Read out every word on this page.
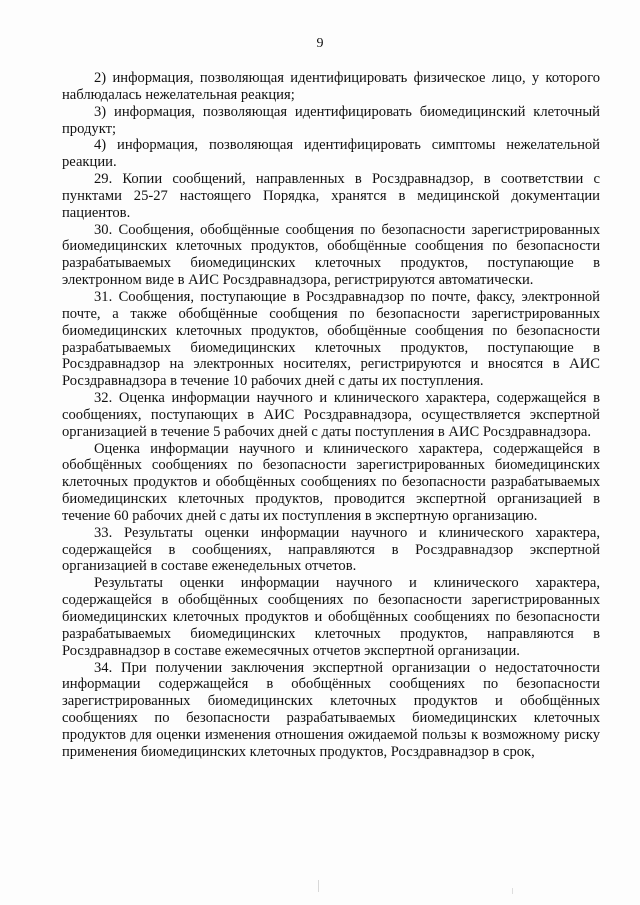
9

2) информация, позволяющая идентифицировать физическое лицо, у которого наблюдалась нежелательная реакция;

3) информация, позволяющая идентифицировать биомедицинский клеточный продукт;

4) информация, позволяющая идентифицировать симптомы нежелательной реакции.

29. Копии сообщений, направленных в Росздравнадзор, в соответствии с пунктами 25-27 настоящего Порядка, хранятся в медицинской документации пациентов.

30. Сообщения, обобщённые сообщения по безопасности зарегистрированных биомедицинских клеточных продуктов, обобщённые сообщения по безопасности разрабатываемых биомедицинских клеточных продуктов, поступающие в электронном виде в АИС Росздравнадзора, регистрируются автоматически.

31. Сообщения, поступающие в Росздравнадзор по почте, факсу, электронной почте, а также обобщённые сообщения по безопасности зарегистрированных биомедицинских клеточных продуктов, обобщённые сообщения по безопасности разрабатываемых биомедицинских клеточных продуктов, поступающие в Росздравнадзор на электронных носителях, регистрируются и вносятся в АИС Росздравнадзора в течение 10 рабочих дней с даты их поступления.

32. Оценка информации научного и клинического характера, содержащейся в сообщениях, поступающих в АИС Росздравнадзора, осуществляется экспертной организацией в течение 5 рабочих дней с даты поступления в АИС Росздравнадзора.

Оценка информации научного и клинического характера, содержащейся в обобщённых сообщениях по безопасности зарегистрированных биомедицинских клеточных продуктов и обобщённых сообщениях по безопасности разрабатываемых биомедицинских клеточных продуктов, проводится экспертной организацией в течение 60 рабочих дней с даты их поступления в экспертную организацию.

33. Результаты оценки информации научного и клинического характера, содержащейся в сообщениях, направляются в Росздравнадзор экспертной организацией в составе еженедельных отчетов.

Результаты оценки информации научного и клинического характера, содержащейся в обобщённых сообщениях по безопасности зарегистрированных биомедицинских клеточных продуктов и обобщённых сообщениях по безопасности разрабатываемых биомедицинских клеточных продуктов, направляются в Росздравнадзор в составе ежемесячных отчетов экспертной организации.

34. При получении заключения экспертной организации о недостаточности информации содержащейся в обобщённых сообщениях по безопасности зарегистрированных биомедицинских клеточных продуктов и обобщённых сообщениях по безопасности разрабатываемых биомедицинских клеточных продуктов для оценки изменения отношения ожидаемой пользы к возможному риску применения биомедицинских клеточных продуктов, Росздравнадзор в срок,
